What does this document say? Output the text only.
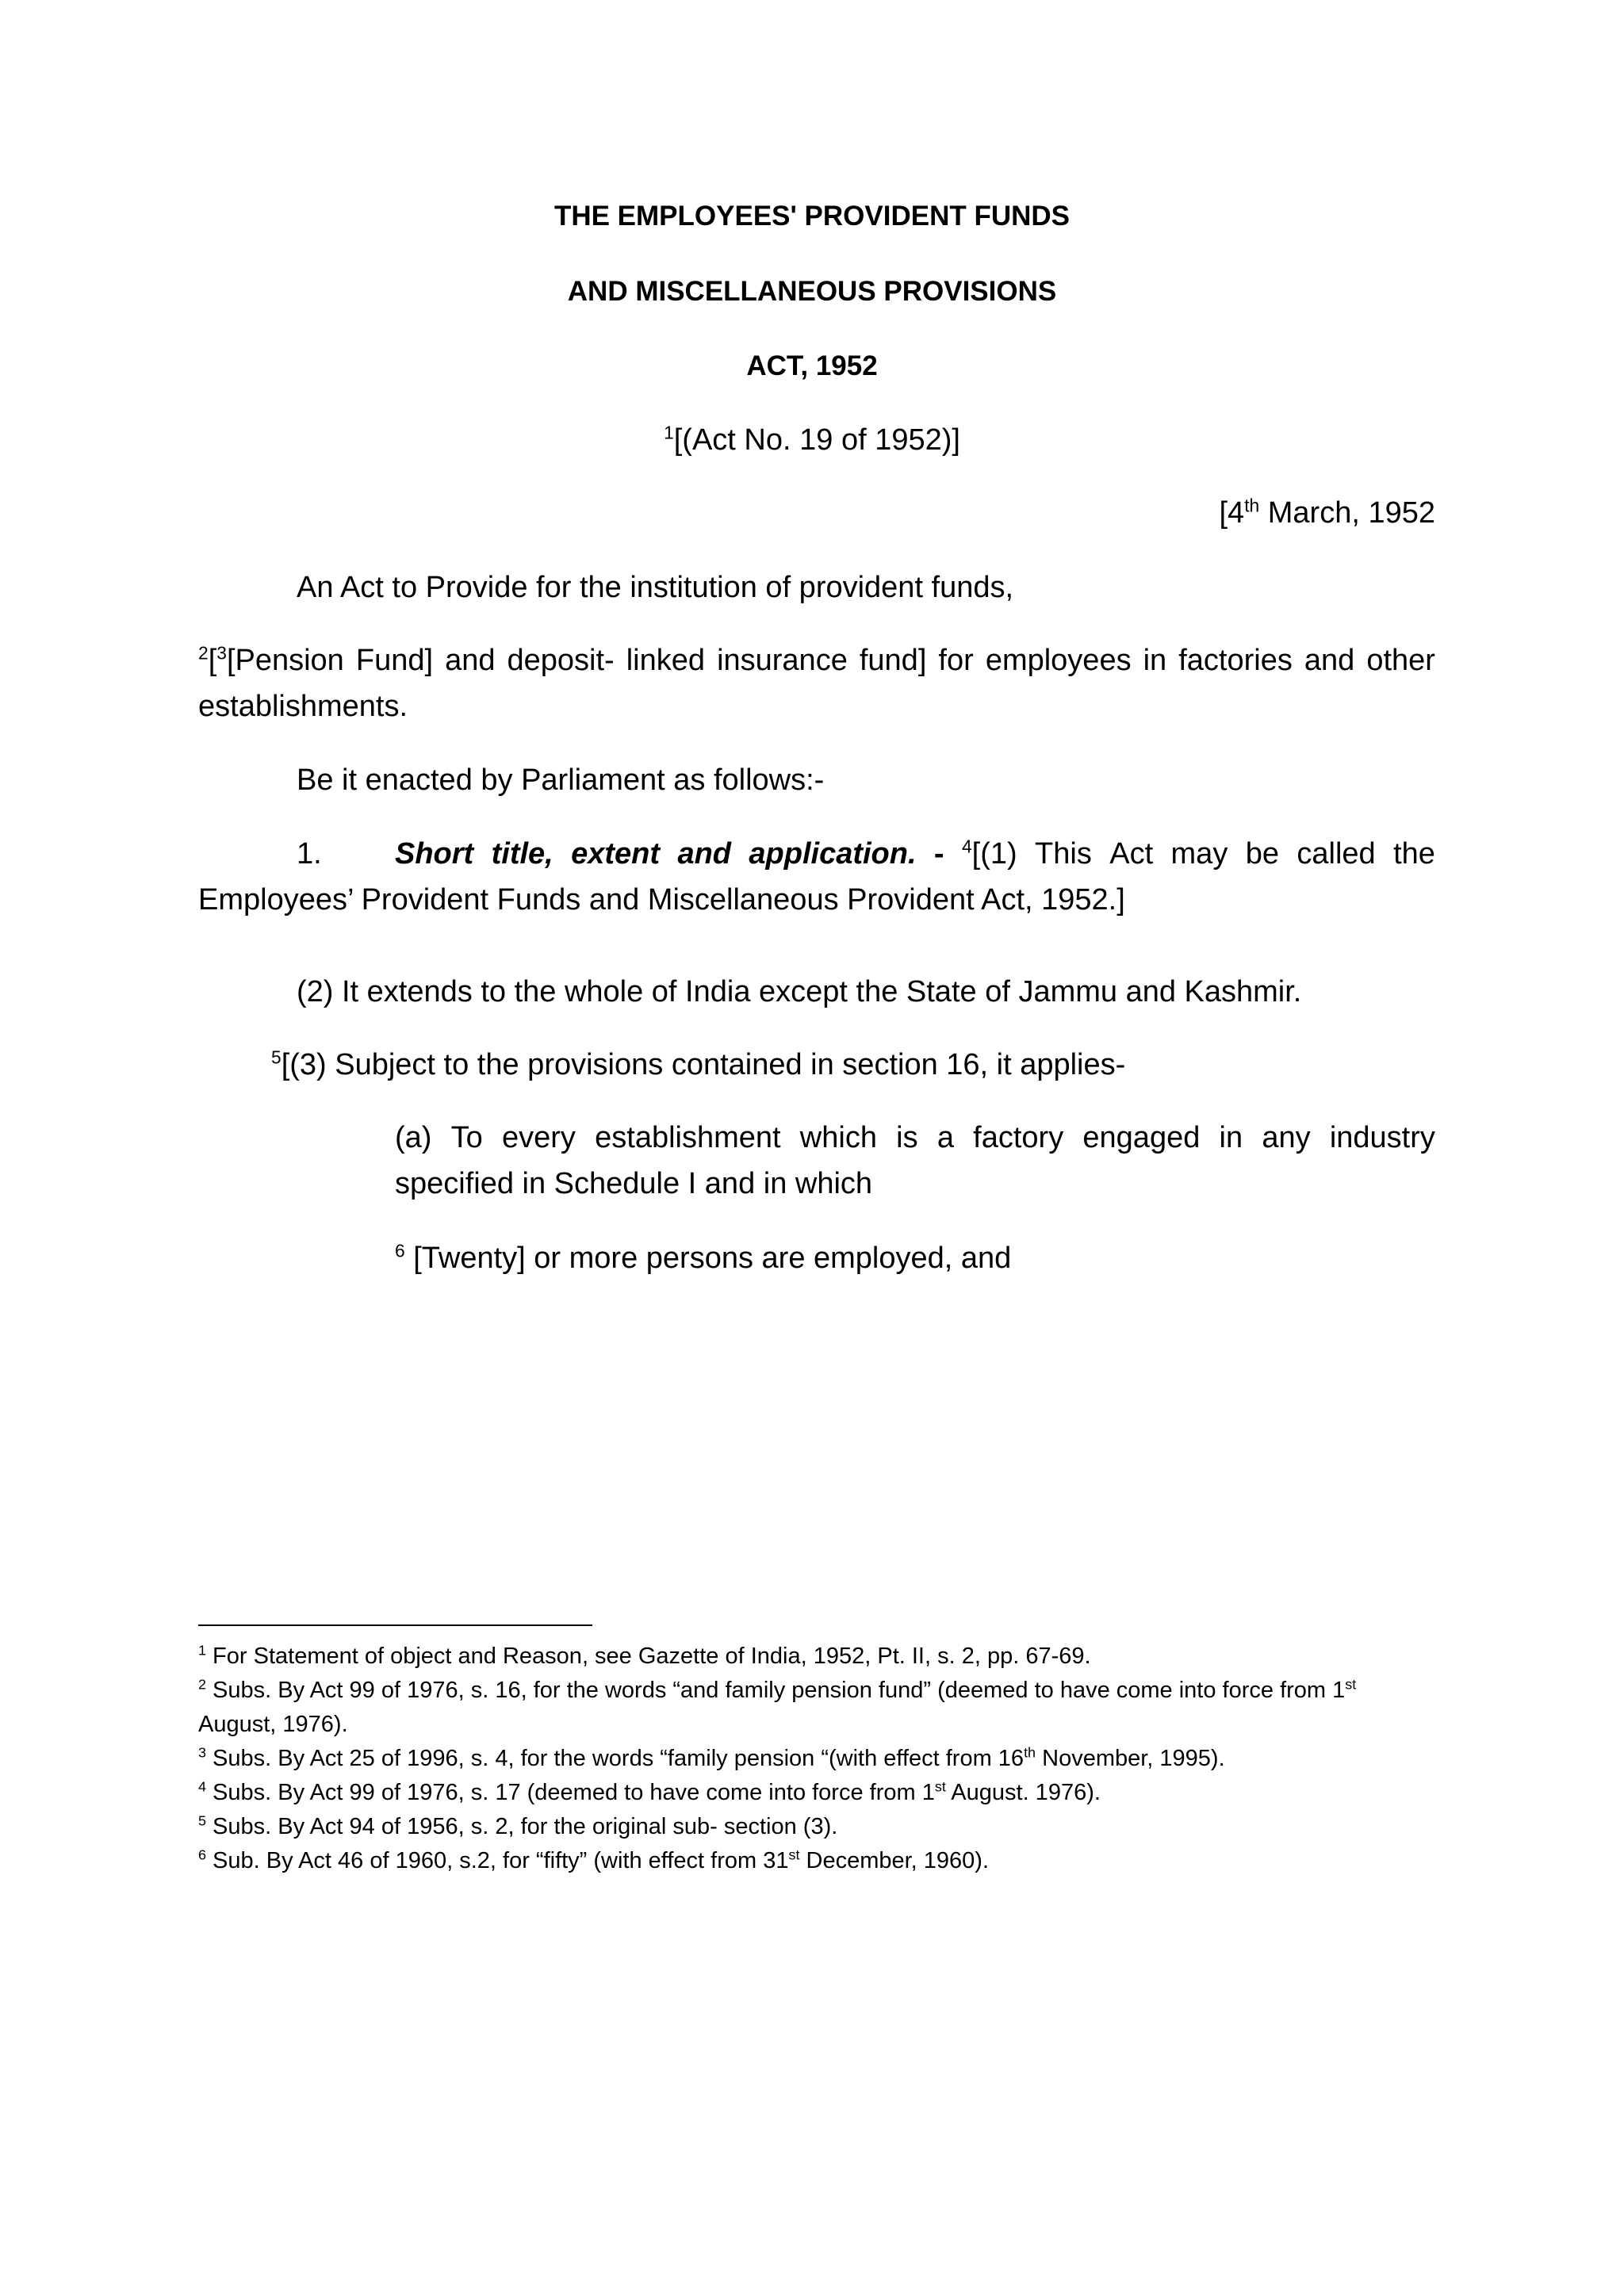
THE EMPLOYEES' PROVIDENT FUNDS
AND MISCELLANEOUS PROVISIONS
ACT, 1952
$^1$[(Act No. 19 of 1952)]
[4th March, 1952
An Act to Provide for the institution of provident funds,
$^2$[$^3$ [Pension Fund] and deposit- linked insurance fund] for employees in factories and other
establishments.
Be it enacted by Parliament as follows:-
1. Short title, extent and application. - $^4$[(1) This Act may be called the
Employees’ Provident Funds and Miscellaneous Provident Act, 1952.]
(2) It extends to the whole of India except the State of Jammu and Kashmir.
$^5$[(3) Subject to the provisions contained in section 16, it applies-
(a) To every establishment which is a factory engaged in any industry
specified in Schedule I and in which
$^6$ [Twenty] or more persons are employed, and

$^1$ For Statement of object and Reason, see Gazette of India, 1952, Pt. II, s. 2, pp. 67-69.

$^2$ Subs. By Act 99 of 1976, s. 16, for the words “and family pension fund” (deemed to have come into force from 1st August, 1976).

$^3$ Subs. By Act 25 of 1996, s. 4, for the words “family pension “(with effect from 16th November, 1995).

$^4$ Subs. By Act 99 of 1976, s. 17 (deemed to have come into force from 1st August. 1976).

$^5$ Subs. By Act 94 of 1956, s. 2, for the original sub- section (3).

$^6$ Sub. By Act 46 of 1960, s.2, for “fifty” (with effect from 31st December, 1960).
